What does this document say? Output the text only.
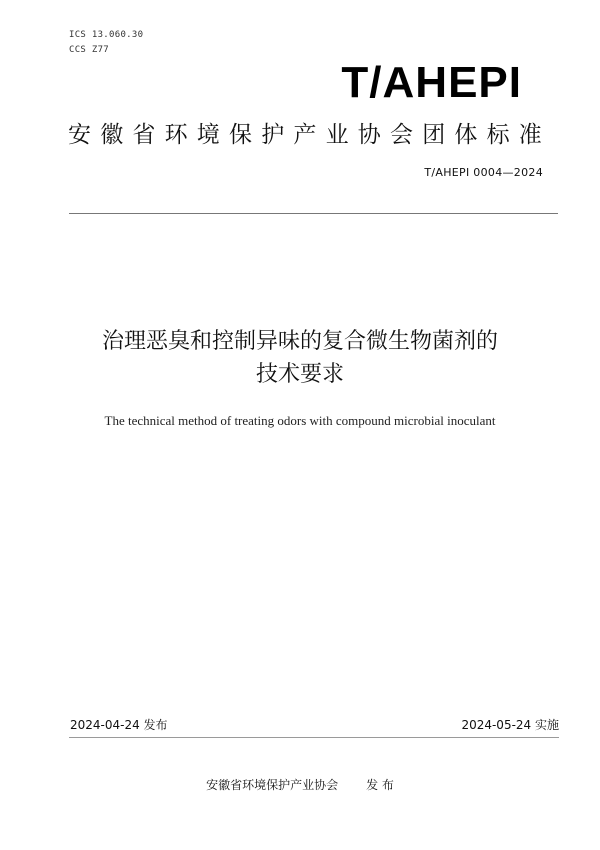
ICS 13.060.30
CCS Z77
T/AHEPI
安徽省环境保护产业协会团体标准
T/AHEPI 0004—2024
治理恶臭和控制异味的复合微生物菌剂的
技术要求
The technical method of treating odors with compound microbial inoculant
2024-04-24 发布	2024-05-24 实施
安徽省环境保护产业协会 发 布
